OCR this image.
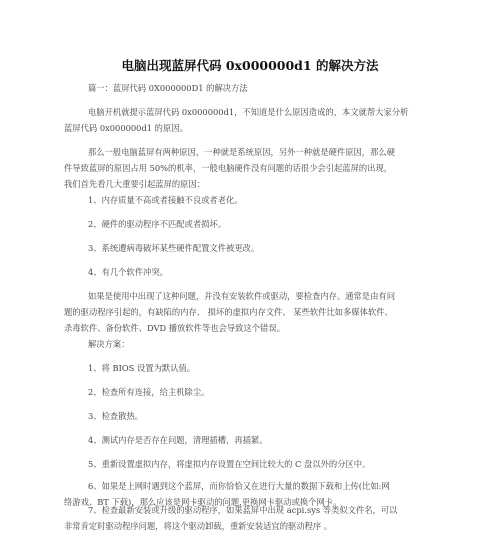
电脑出现蓝屏代码 0x000000d1 的解决方法
篇一：蓝屏代码 0X000000D1 的解决方法
电脑开机就提示蓝屏代码 0x000000d1，不知道是什么原因造成的，本文就帮大家分析
蓝屏代码 0x000000d1 的原因。
那么一般电脑蓝屏有两种原因，一种就是系统原因，另外一种就是硬件原因，那么硬
件导致蓝屏的原因占用 50%的机率，一般电脑硬件没有问题的话很少会引起蓝屏的出现，
我们首先看几大重要引起蓝屏的原因：
1、内存质量不高或者接触不良或者老化。
2、硬件的驱动程序不匹配或者损坏。
3、系统遭病毒破坏某些硬件配置文件被更改。
4、有几个软件冲突。
如果是使用中出现了这种问题，并没有安装软件或驱动，要检查内存。通常是由有问
题的驱动程序引起的，有缺陷的内存、 损坏的虚拟内存文件、 某些软件比如多媒体软件、
杀毒软件、备份软件、DVD 播放软件等也会导致这个错误。
解决方案：
1、将 BIOS 设置为默认值。
2、检查所有连接，给主机除尘。
3、检查散热。
4、测试内存是否存在问题，清理插槽，再插紧。
5、重新设置虚拟内存，将虚拟内存设置在空间比较大的 C 盘以外的分区中。
6、如果是上网时遇到这个蓝屏，而你恰恰又在进行大量的数据下载和上传(比如:网
络游戏、BT 下载)，那么应该是网卡驱动的问题,更换网卡驱动或换个网卡。
7、检查最新安装或升级的驱动程序，如果蓝屏中出现 acpi.sys 等类似文件名，可以
非常肯定时驱动程序问题，将这个驱动卸载，重新安装适宜的驱动程序 。
